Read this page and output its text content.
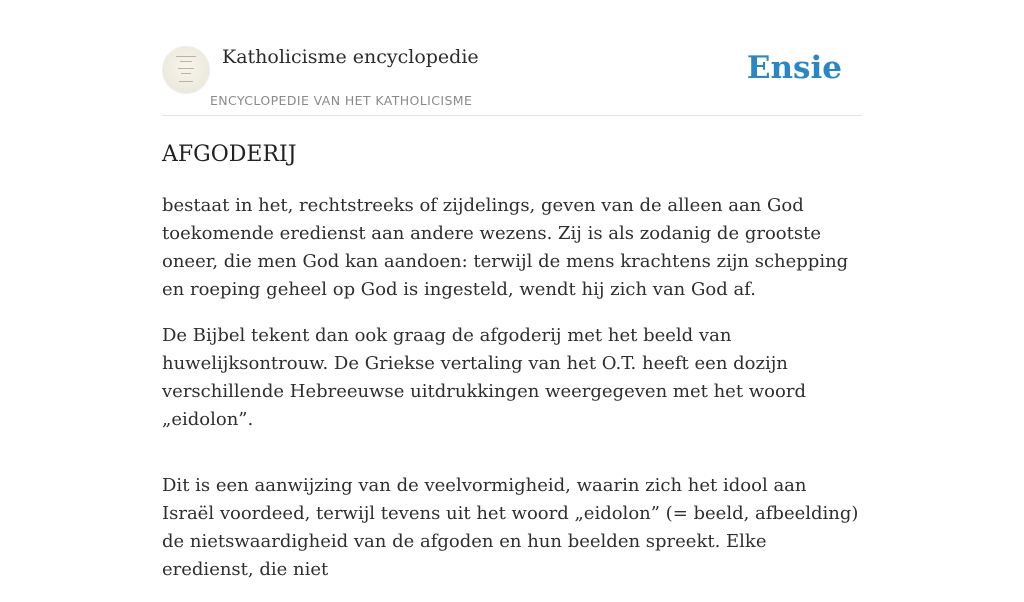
Katholicisme encyclopedie
ENCYCLOPEDIE VAN HET KATHOLICISME
Ensie
AFGODERIJ

bestaat in het, rechtstreeks of zijdelings, geven van de alleen aan God toekomende eredienst aan andere wezens. Zij is als zodanig de grootste oneer, die men God kan aandoen: terwijl de mens krachtens zijn schepping en roeping geheel op God is ingesteld, wendt hij zich van God af.

De Bijbel tekent dan ook graag de afgoderij met het beeld van huwelijksontrouw. De Griekse vertaling van het O.T. heeft een dozijn verschillende Hebreeuwse uitdrukkingen weergegeven met het woord „eidolon”.

Dit is een aanwijzing van de veelvormigheid, waarin zich het idool aan Israël voordeed, terwijl tevens uit het woord „eidolon” (= beeld, afbeelding) de nietswaardigheid van de afgoden en hun beelden spreekt. Elke eredienst, die niet
